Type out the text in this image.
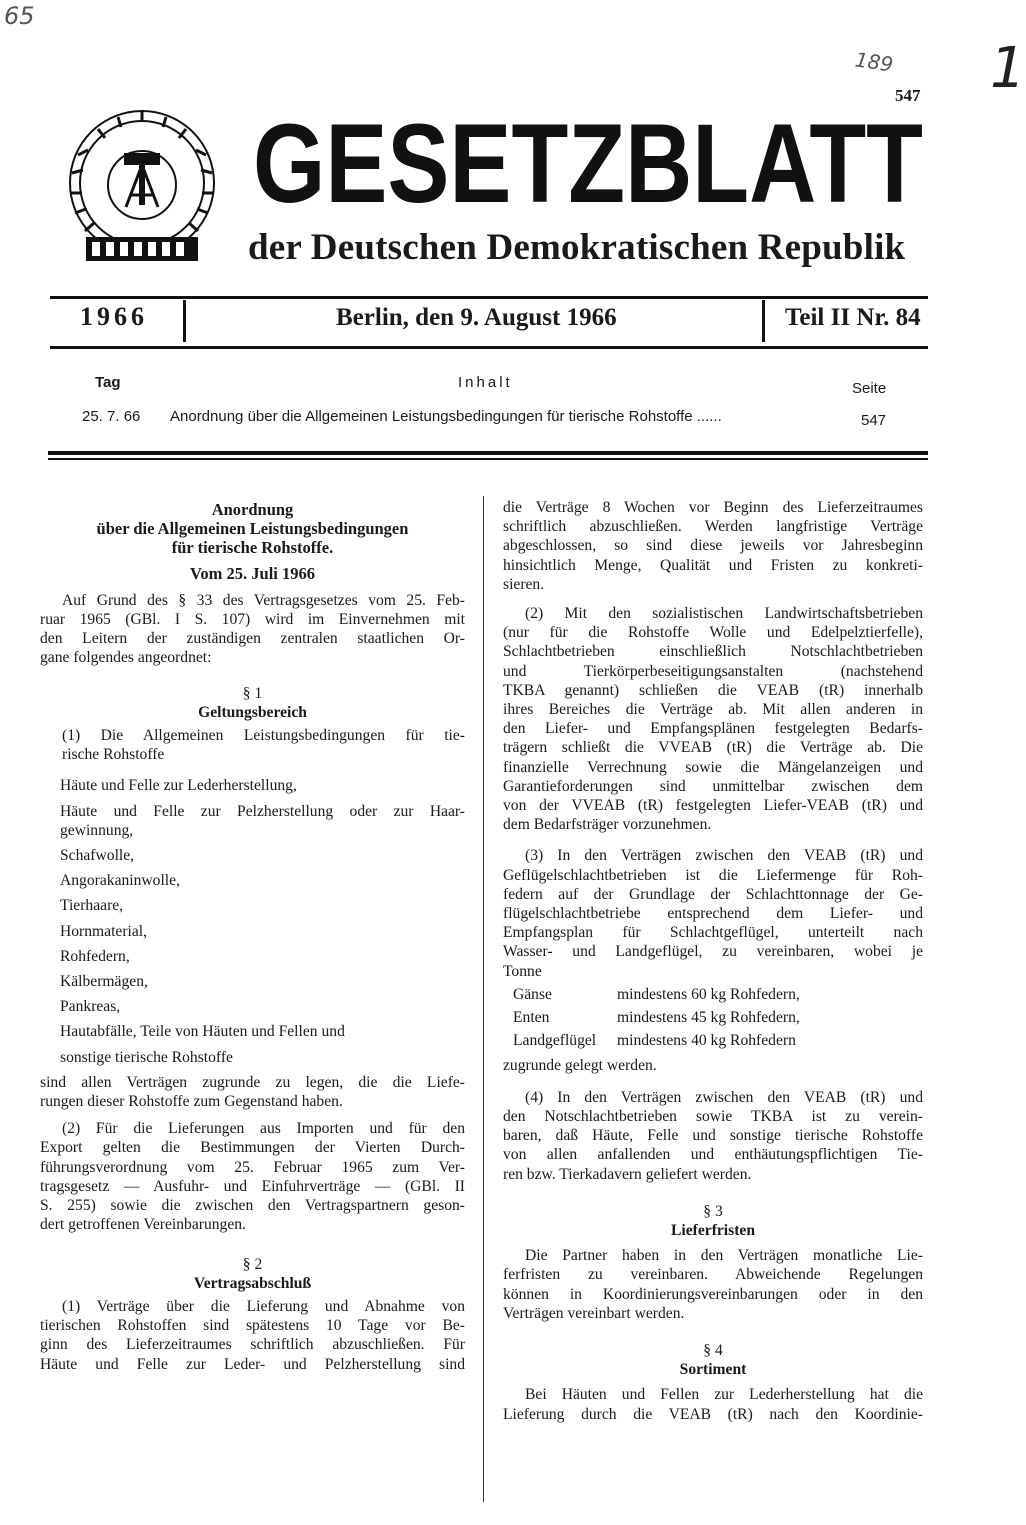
65
189 1
547
GESETZBLATT
der Deutschen Demokratischen Republik
1966	Berlin, den 9. August 1966	Teil II Nr. 84
Tag	Inhalt	Seite
25. 7. 66 Anordnung über die Allgemeinen Leistungsbedingungen für tierische Rohstoffe ......	547

Anordnung

über die Allgemeinen Leistungsbedingungen

für tierische Rohstoffe.

Vom 25. Juli 1966

Auf Grund des § 33 des Vertragsgesetzes vom 25. Feb-

ruar 1965 (GBl. I S. 107) wird im Einvernehmen mit

den Leitern der zuständigen zentralen staatlichen Or-

gane folgendes angeordnet:

§ 1

Geltungsbereich

(1) Die Allgemeinen Leistungsbedingungen für tie-

rische Rohstoffe

Häute und Felle zur Lederherstellung,

Häute und Felle zur Pelzherstellung oder zur Haar-

gewinnung,

Schafwolle,

Angorakaninwolle,

Tierhaare,

Hornmaterial,

Rohfedern,

Kälbermägen,

Pankreas,

Hautabfälle, Teile von Häuten und Fellen und

sonstige tierische Rohstoffe

sind allen Verträgen zugrunde zu legen, die die Liefe-

rungen dieser Rohstoffe zum Gegenstand haben.

(2) Für die Lieferungen aus Importen und für den

Export gelten die Bestimmungen der Vierten Durch-

führungsverordnung vom 25. Februar 1965 zum Ver-

tragsgesetz — Ausfuhr- und Einfuhrverträge — (GBl. II

S. 255) sowie die zwischen den Vertragspartnern geson-

dert getroffenen Vereinbarungen.

§ 2

Vertragsabschluß

(1) Verträge über die Lieferung und Abnahme von

tierischen Rohstoffen sind spätestens 10 Tage vor Be-

ginn des Lieferzeitraumes schriftlich abzuschließen. Für

Häute und Felle zur Leder- und Pelzherstellung sind

die Verträge 8 Wochen vor Beginn des Lieferzeitraumes

schriftlich abzuschließen. Werden langfristige Verträge

abgeschlossen, so sind diese jeweils vor Jahresbeginn

hinsichtlich Menge, Qualität und Fristen zu konkreti-

sieren.

(2) Mit den sozialistischen Landwirtschaftsbetrieben

(nur für die Rohstoffe Wolle und Edelpelztierfelle),

Schlachtbetrieben einschließlich Notschlachtbetrieben

und Tierkörperbeseitigungsanstalten (nachstehend

TKBA genannt) schließen die VEAB (tR) innerhalb

ihres Bereiches die Verträge ab. Mit allen anderen in

den Liefer- und Empfangsplänen festgelegten Bedarfs-

trägern schließt die VVEAB (tR) die Verträge ab. Die

finanzielle Verrechnung sowie die Mängelanzeigen und

Garantieforderungen sind unmittelbar zwischen dem

von der VVEAB (tR) festgelegten Liefer-VEAB (tR) und

dem Bedarfsträger vorzunehmen.

(3) In den Verträgen zwischen den VEAB (tR) und

Geflügelschlachtbetrieben ist die Liefermenge für Roh-

federn auf der Grundlage der Schlachttonnage der Ge-

flügelschlachtbetriebe entsprechend dem Liefer- und

Empfangsplan für Schlachtgeflügel, unterteilt nach

Wasser- und Landgeflügel, zu vereinbaren, wobei je

Tonne

Gänse	mindestens 60 kg Rohfedern,
Enten	mindestens 45 kg Rohfedern,
Landgeflügel	mindestens 40 kg Rohfedern

zugrunde gelegt werden.

(4) In den Verträgen zwischen den VEAB (tR) und

den Notschlachtbetrieben sowie TKBA ist zu verein-

baren, daß Häute, Felle und sonstige tierische Rohstoffe

von allen anfallenden und enthäutungspflichtigen Tie-

ren bzw. Tierkadavern geliefert werden.

§ 3

Lieferfristen

Die Partner haben in den Verträgen monatliche Lie-

ferfristen zu vereinbaren. Abweichende Regelungen

können in Koordinierungsvereinbarungen oder in den

Verträgen vereinbart werden.

§ 4

Sortiment

Bei Häuten und Fellen zur Lederherstellung hat die

Lieferung durch die VEAB (tR) nach den Koordinie-
